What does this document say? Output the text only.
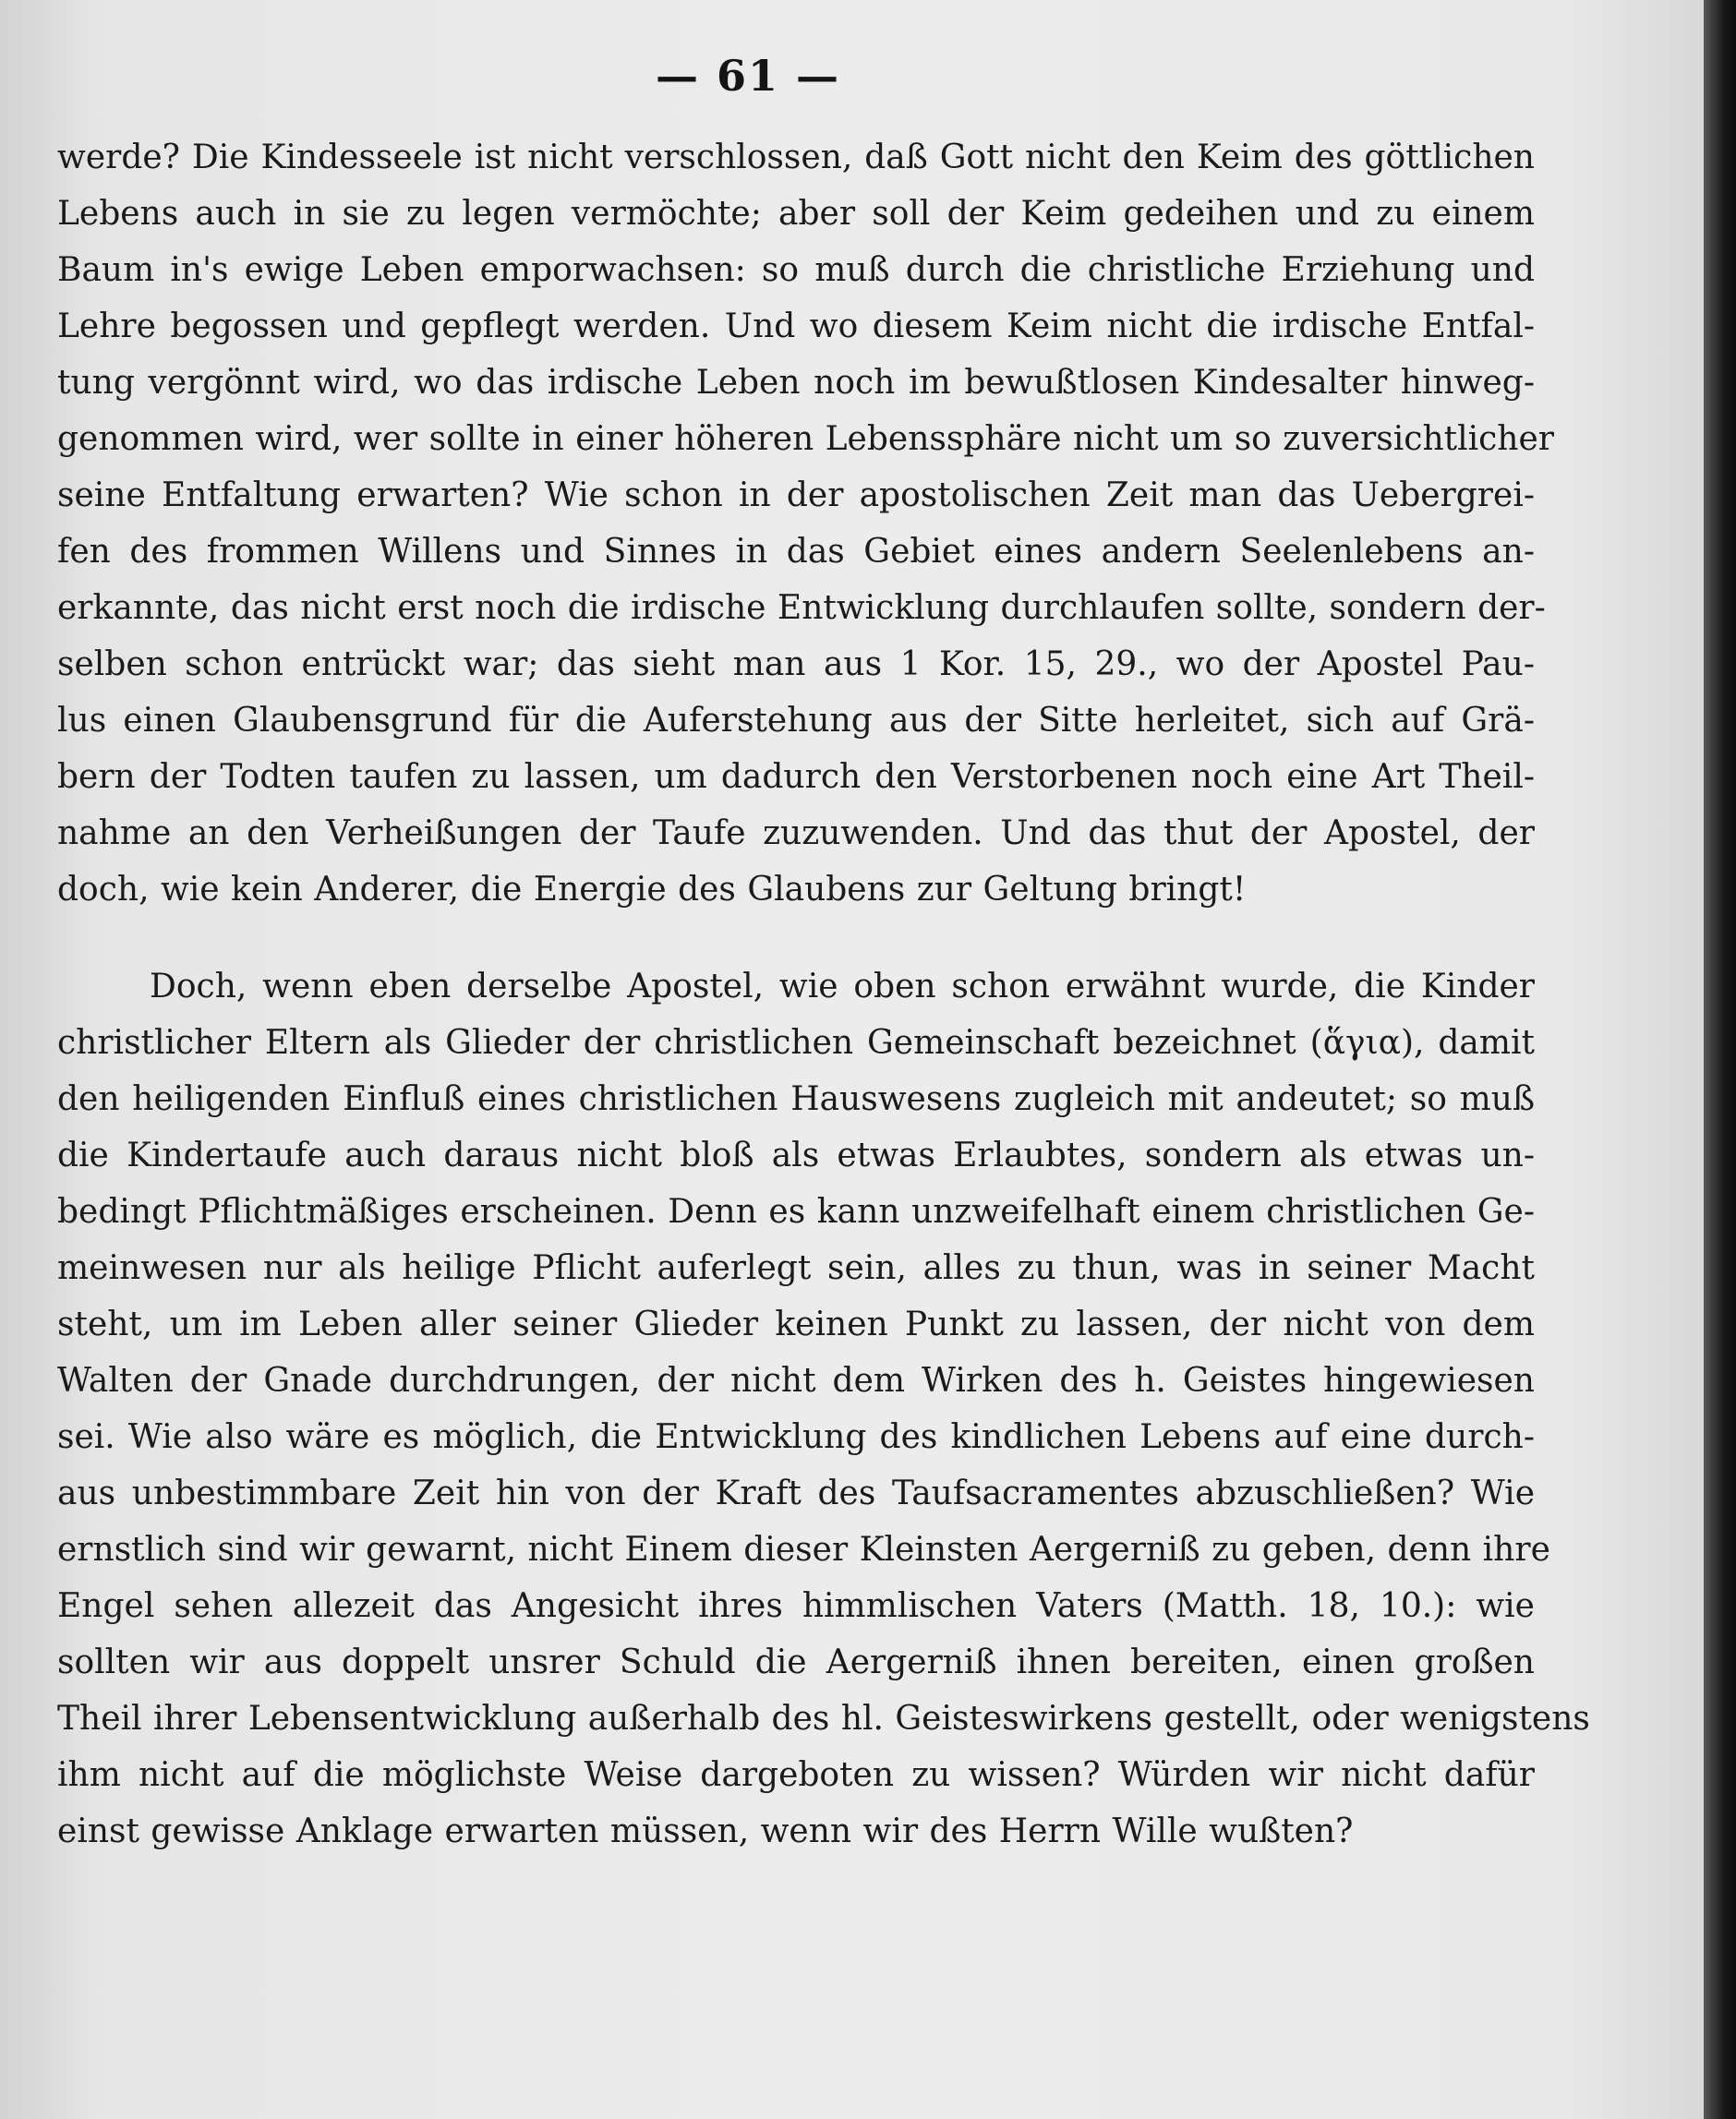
— 61 —

werde? Die Kindesseele ist nicht verschlossen, daß Gott nicht den Keim des göttlichen
Lebens auch in sie zu legen vermöchte; aber soll der Keim gedeihen und zu einem
Baum in's ewige Leben emporwachsen: so muß durch die christliche Erziehung und
Lehre begossen und gepflegt werden. Und wo diesem Keim nicht die irdische Entfal-
tung vergönnt wird, wo das irdische Leben noch im bewußtlosen Kindesalter hinweg-
genommen wird, wer sollte in einer höheren Lebenssphäre nicht um so zuversichtlicher
seine Entfaltung erwarten? Wie schon in der apostolischen Zeit man das Uebergrei-
fen des frommen Willens und Sinnes in das Gebiet eines andern Seelenlebens an-
erkannte, das nicht erst noch die irdische Entwicklung durchlaufen sollte, sondern der-
selben schon entrückt war; das sieht man aus 1 Kor. 15, 29., wo der Apostel Pau-
lus einen Glaubensgrund für die Auferstehung aus der Sitte herleitet, sich auf Grä-
bern der Todten taufen zu lassen, um dadurch den Verstorbenen noch eine Art Theil-
nahme an den Verheißungen der Taufe zuzuwenden. Und das thut der Apostel, der
doch, wie kein Anderer, die Energie des Glaubens zur Geltung bringt!

Doch, wenn eben derselbe Apostel, wie oben schon erwähnt wurde, die Kinder
christlicher Eltern als Glieder der christlichen Gemeinschaft bezeichnet (ἅγια), damit
den heiligenden Einfluß eines christlichen Hauswesens zugleich mit andeutet; so muß
die Kindertaufe auch daraus nicht bloß als etwas Erlaubtes, sondern als etwas un-
bedingt Pflichtmäßiges erscheinen. Denn es kann unzweifelhaft einem christlichen Ge-
meinwesen nur als heilige Pflicht auferlegt sein, alles zu thun, was in seiner Macht
steht, um im Leben aller seiner Glieder keinen Punkt zu lassen, der nicht von dem
Walten der Gnade durchdrungen, der nicht dem Wirken des h. Geistes hingewiesen
sei. Wie also wäre es möglich, die Entwicklung des kindlichen Lebens auf eine durch-
aus unbestimmbare Zeit hin von der Kraft des Taufsacramentes abzuschließen? Wie
ernstlich sind wir gewarnt, nicht Einem dieser Kleinsten Aergerniß zu geben, denn ihre
Engel sehen allezeit das Angesicht ihres himmlischen Vaters (Matth. 18, 10.): wie
sollten wir aus doppelt unsrer Schuld die Aergerniß ihnen bereiten, einen großen
Theil ihrer Lebensentwicklung außerhalb des hl. Geisteswirkens gestellt, oder wenigstens
ihm nicht auf die möglichste Weise dargeboten zu wissen? Würden wir nicht dafür
einst gewisse Anklage erwarten müssen, wenn wir des Herrn Wille wußten?
